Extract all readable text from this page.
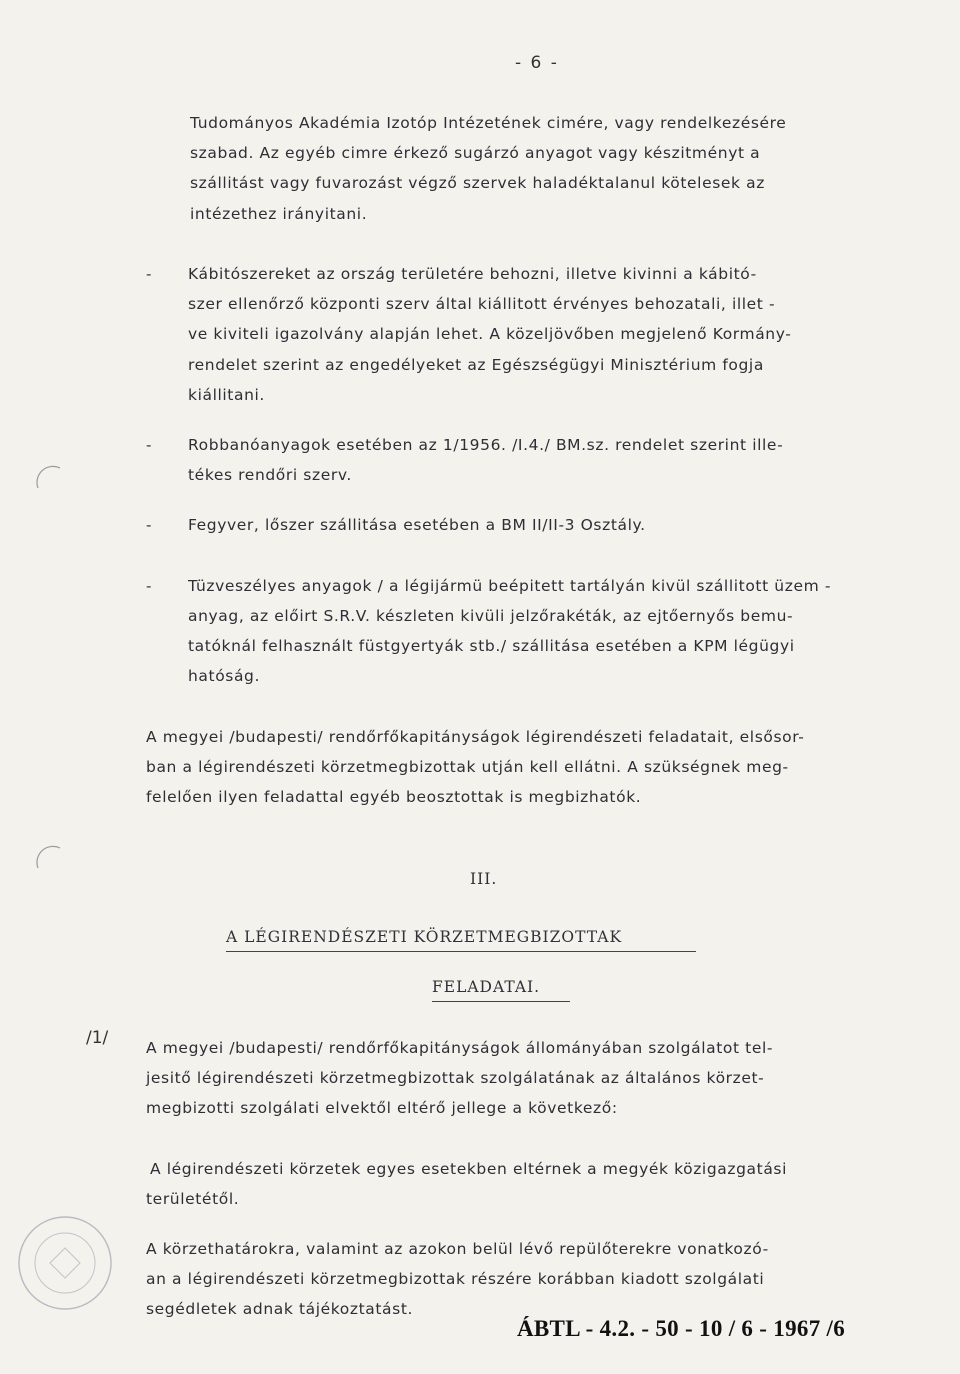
- 6 -
Tudományos Akadémia Izotóp Intézetének cimére, vagy rendelkezésére
szabad. Az egyéb cimre érkező sugárzó anyagot vagy készitményt a
szállitást vagy fuvarozást végző szervek haladéktalanul kötelesek az
intézethez irányitani.
- Kábitószereket az ország területére behozni, illetve kivinni a kábitó-
szer ellenőrző központi szerv által kiállitott érvényes behozatali, illet -
ve kiviteli igazolvány alapján lehet. A közeljövőben megjelenő Kormány-
rendelet szerint az engedélyeket az Egészségügyi Minisztérium fogja
kiállitani.
- Robbanóanyagok esetében az 1/1956. /I.4./ BM.sz. rendelet szerint ille-
tékes rendőri szerv.
- Fegyver, lőszer szállitása esetében a BM II/II-3 Osztály.
- Tüzveszélyes anyagok / a légijármü beépitett tartályán kivül szállitott üzem -
anyag, az előirt S.R.V. készleten kivüli jelzőrakéták, az ejtőernyős bemu-
tatóknál felhasznált füstgyertyák stb./ szállitása esetében a KPM légügyi
hatóság.
A megyei /budapesti/ rendőrfőkapitányságok légirendészeti feladatait, elsősor-
ban a légirendészeti körzetmegbizottak utján kell ellátni. A szükségnek meg-
felelően ilyen feladattal egyéb beosztottak is megbizhatók.
III.
A LÉGIRENDÉSZETI KÖRZETMEGBIZOTTAK
FELADATAI.
/1/ A megyei /budapesti/ rendőrfőkapitányságok állományában szolgálatot tel-
jesitő légirendészeti körzetmegbizottak szolgálatának az általános körzet-
megbizotti szolgálati elvektől eltérő jellege a következő:
A légirendészeti körzetek egyes esetekben eltérnek a megyék közigazgatási
területétől.
A körzethatárokra, valamint az azokon belül lévő repülőterekre vonatkozó-
an a légirendészeti körzetmegbizottak részére korábban kiadott szolgálati
segédletek adnak tájékoztatást.
ÁBTL - 4.2. - 50 - 10 / 6 - 1967 /6
